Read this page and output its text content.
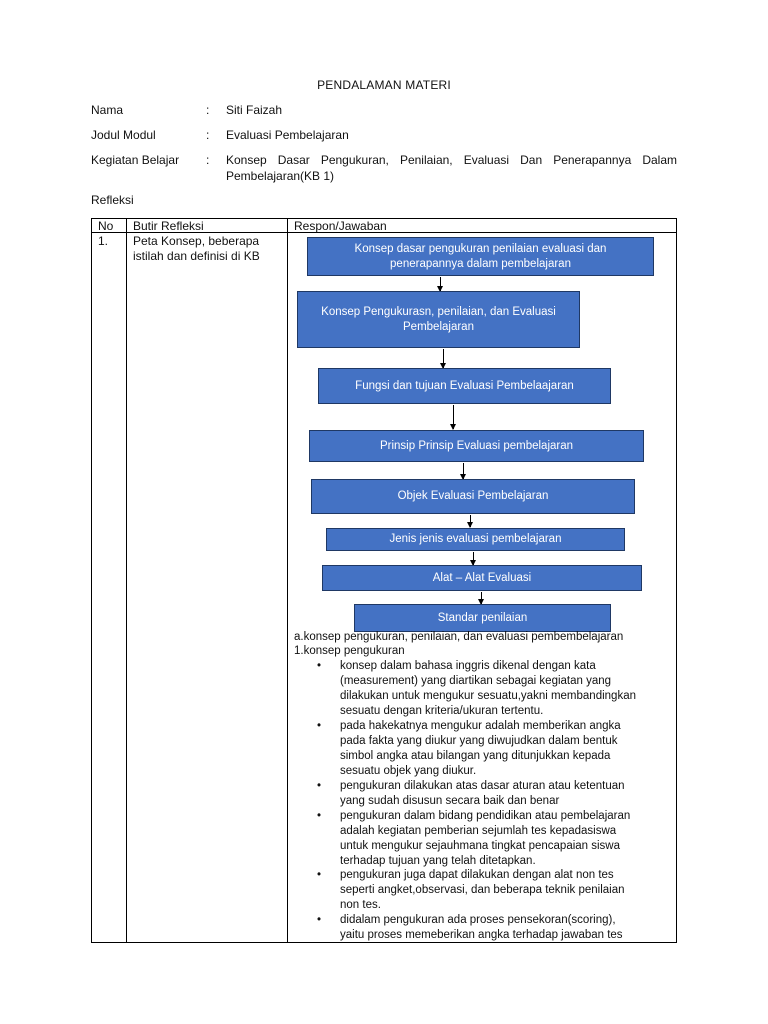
PENDALAMAN MATERI
Nama	: Siti Faizah
Jodul Modul	: Evaluasi Pembelajaran
Kegiatan Belajar : Konsep Dasar Pengukuran, Penilaian, Evaluasi Dan Penerapannya Dalam
Pembelajaran(KB 1)
Refleksi
No Butir Refleksi	Respon/Jawaban
1. Peta Konsep, beberapa
istilah dan definisi di KB
Konsep dasar pengukuran penilaian evaluasi dan
penerapannya dalam pembelajaran
Konsep Pengukurasn, penilaian, dan Evaluasi
Pembelajaran
Fungsi dan tujuan Evaluasi Pembelaajaran
Prinsip Prinsip Evaluasi pembelajaran
Objek Evaluasi Pembelajaran
Jenis jenis evaluasi pembelajaran
Alat – Alat Evaluasi
Standar penilaian
a.konsep pengukuran, penilaian, dan evaluasi pembembelajaran
1.konsep pengukuran
•	konsep dalam bahasa inggris dikenal dengan kata
(measurement) yang diartikan sebagai kegiatan yang
dilakukan untuk mengukur sesuatu,yakni membandingkan
sesuatu dengan kriteria/ukuran tertentu.
•	pada hakekatnya mengukur adalah memberikan angka
pada fakta yang diukur yang diwujudkan dalam bentuk
simbol angka atau bilangan yang ditunjukkan kepada
sesuatu objek yang diukur.
•	pengukuran dilakukan atas dasar aturan atau ketentuan
yang sudah disusun secara baik dan benar
•	pengukuran dalam bidang pendidikan atau pembelajaran
adalah kegiatan pemberian sejumlah tes kepadasiswa
untuk mengukur sejauhmana tingkat pencapaian siswa
terhadap tujuan yang telah ditetapkan.
•	pengukuran juga dapat dilakukan dengan alat non tes
seperti angket,observasi, dan beberapa teknik penilaian
non tes.
•	didalam pengukuran ada proses pensekoran(scoring),
yaitu proses memeberikan angka terhadap jawaban tes
